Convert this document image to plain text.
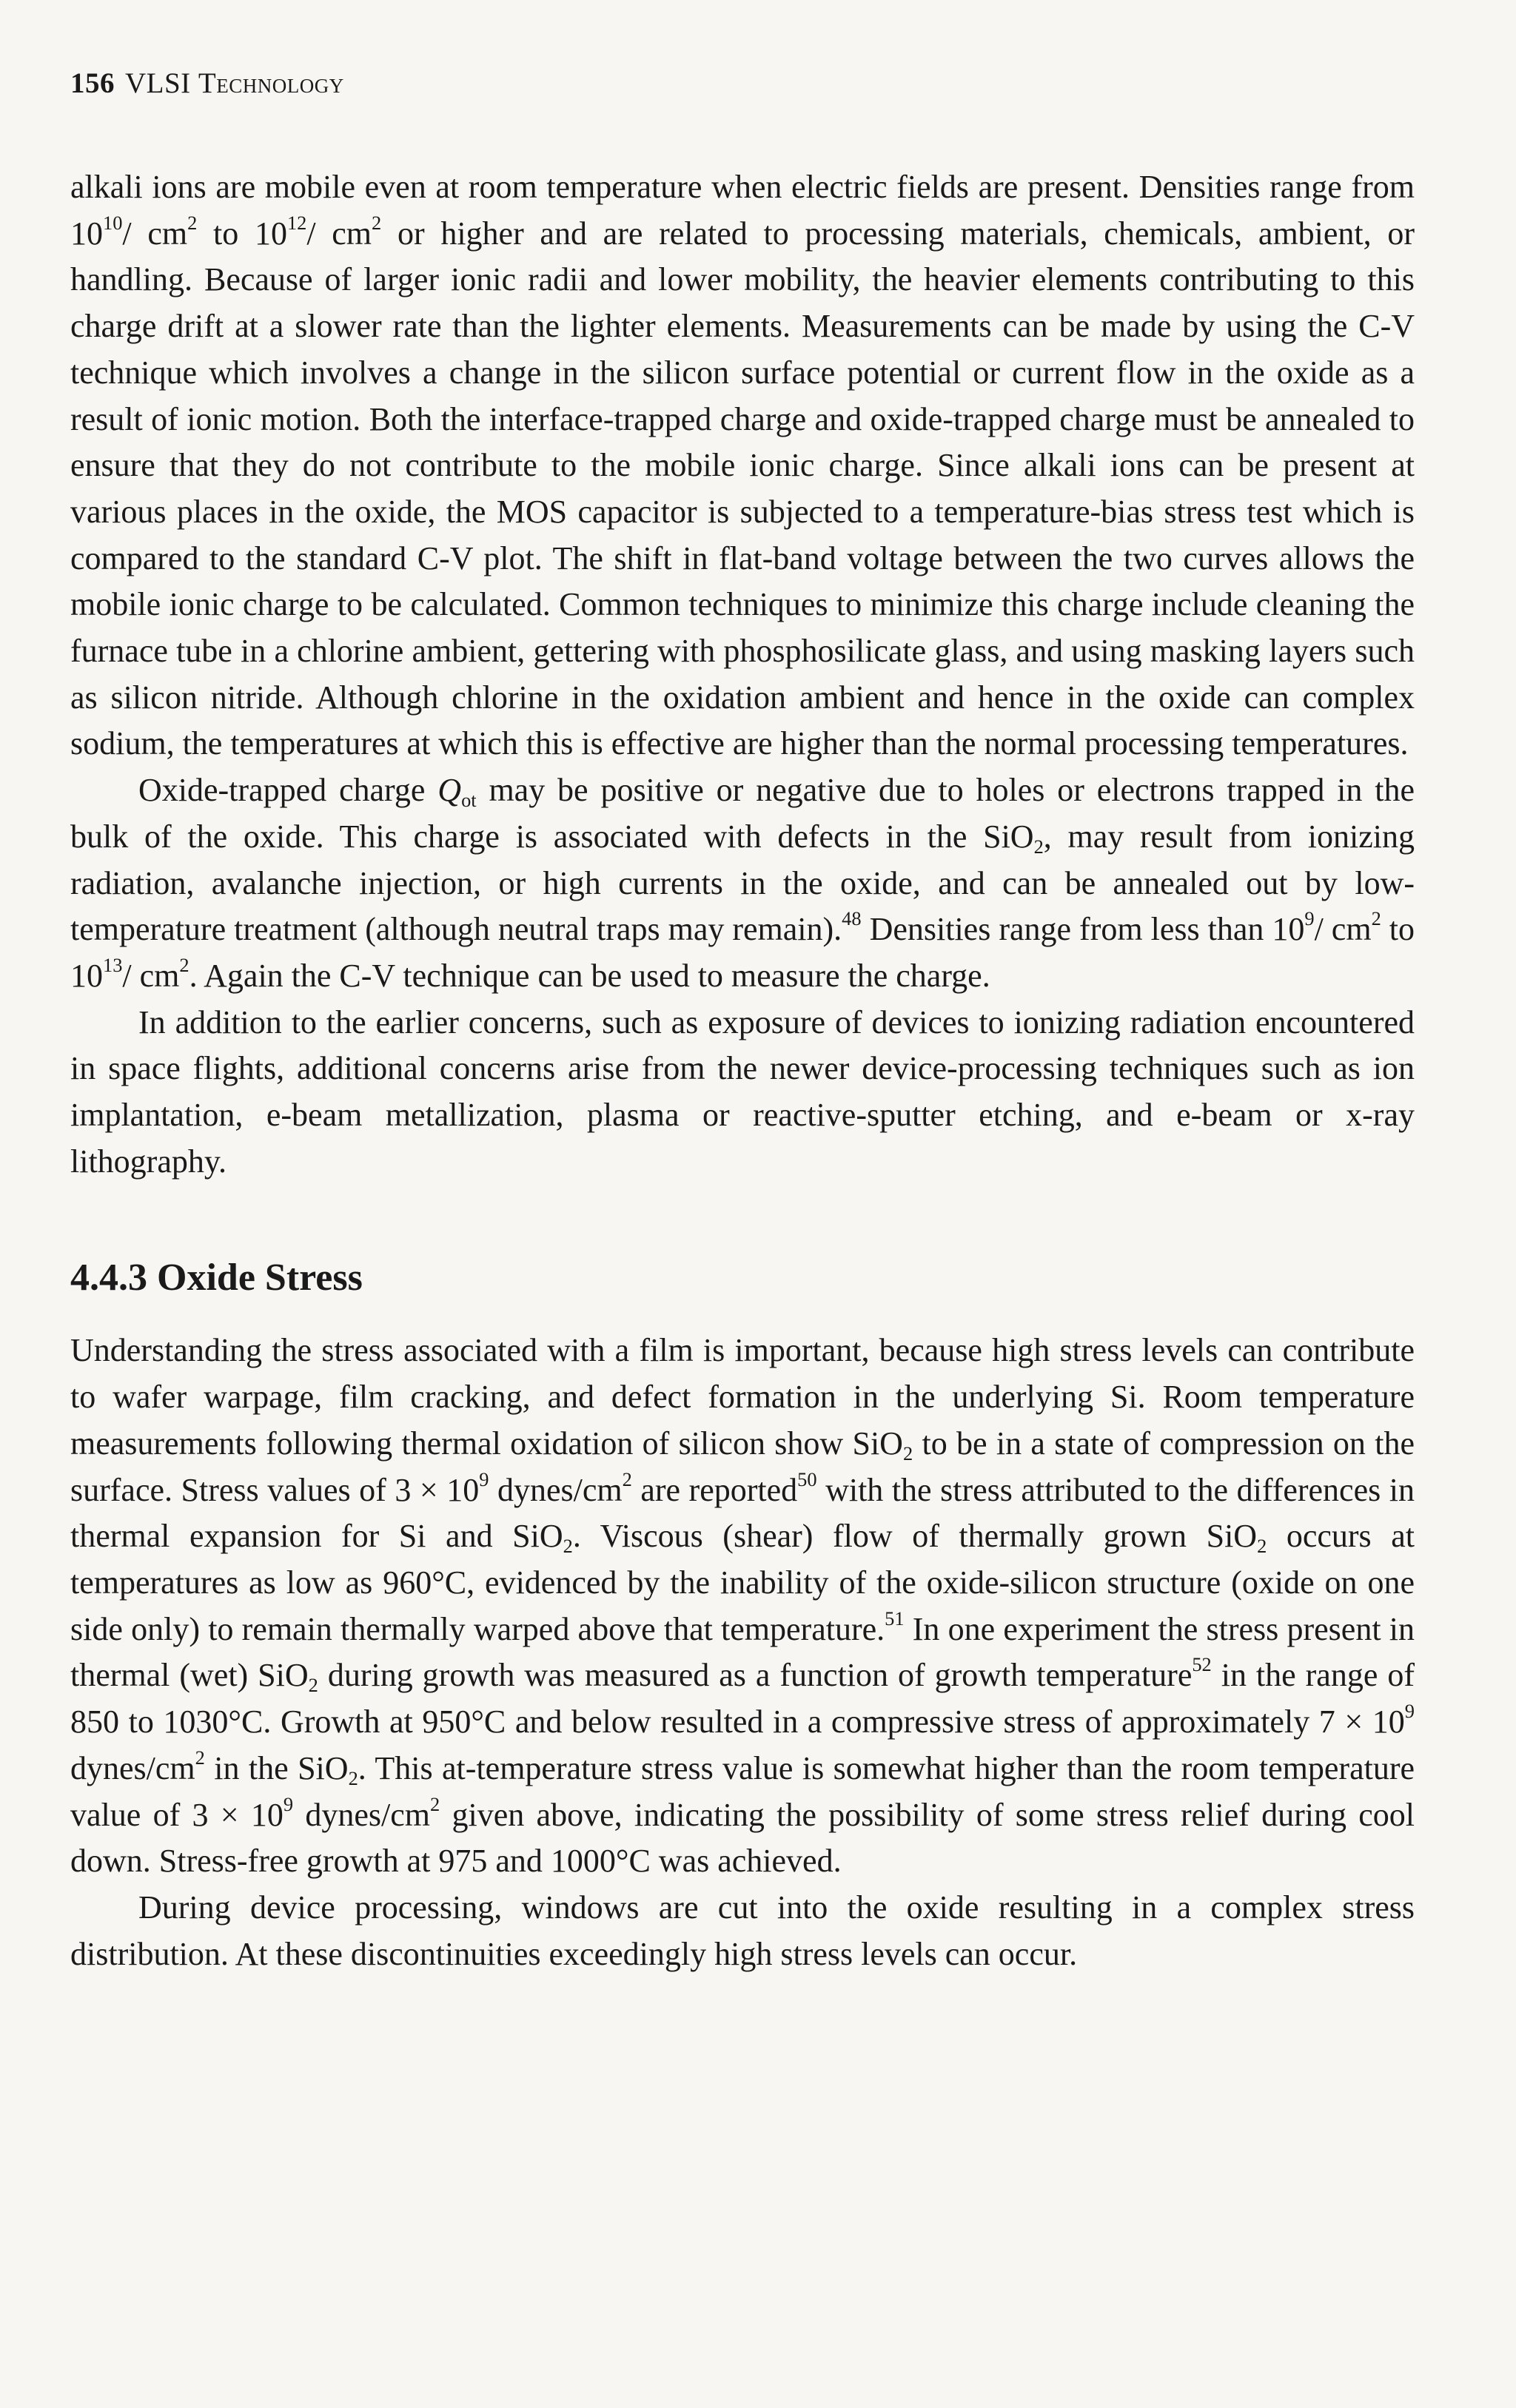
156 VLSI Technology

alkali ions are mobile even at room temperature when electric fields are present. Densities range from $10^{10}/$ $cm^2$ to $10^{12}/$ $cm^2$ or higher and are related to processing materials, chemicals, ambient, or handling. Because of larger ionic radii and lower mobility, the heavier elements contributing to this charge drift at a slower rate than the lighter elements. Measurements can be made by using the C-V technique which involves a change in the silicon surface potential or current flow in the oxide as a result of ionic motion. Both the interface-trapped charge and oxide-trapped charge must be annealed to ensure that they do not contribute to the mobile ionic charge. Since alkali ions can be present at various places in the oxide, the MOS capacitor is subjected to a temperature-bias stress test which is compared to the standard C-V plot. The shift in flat-band voltage between the two curves allows the mobile ionic charge to be calculated. Common techniques to minimize this charge include cleaning the furnace tube in a chlorine ambient, gettering with phosphosilicate glass, and using masking layers such as silicon nitride. Although chlorine in the oxidation ambient and hence in the oxide can complex sodium, the temperatures at which this is effective are higher than the normal processing temperatures.

Oxide-trapped charge $Q_{ot}$ may be positive or negative due to holes or electrons trapped in the bulk of the oxide. This charge is associated with defects in the SiO$_2$, may result from ionizing radiation, avalanche injection, or high currents in the oxide, and can be annealed out by low-temperature treatment (although neutral traps may remain).$^{48}$ Densities range from less than $10^9/$ $cm^2$ to $10^{13}/$ $cm^2$. Again the C-V technique can be used to measure the charge.

In addition to the earlier concerns, such as exposure of devices to ionizing radiation encountered in space flights, additional concerns arise from the newer device-processing techniques such as ion implantation, e-beam metallization, plasma or reactive-sputter etching, and e-beam or x-ray lithography.

4.4.3 Oxide Stress

Understanding the stress associated with a film is important, because high stress levels can contribute to wafer warpage, film cracking, and defect formation in the underlying Si. Room temperature measurements following thermal oxidation of silicon show SiO$_2$ to be in a state of compression on the surface. Stress values of $3 \times 10^9$ dynes/$cm^2$ are reported$^{50}$ with the stress attributed to the differences in thermal expansion for Si and SiO$_2$. Viscous (shear) flow of thermally grown SiO$_2$ occurs at temperatures as low as 960°C, evidenced by the inability of the oxide-silicon structure (oxide on one side only) to remain thermally warped above that temperature.$^{51}$ In one experiment the stress present in thermal (wet) SiO$_2$ during growth was measured as a function of growth temperature$^{52}$ in the range of 850 to 1030°C. Growth at 950°C and below resulted in a compressive stress of approximately $7 \times 10^9$ dynes/$cm^2$ in the SiO$_2$. This at-temperature stress value is somewhat higher than the room temperature value of $3 \times 10^9$ dynes/$cm^2$ given above, indicating the possibility of some stress relief during cool down. Stress-free growth at 975 and 1000°C was achieved.

During device processing, windows are cut into the oxide resulting in a complex stress distribution. At these discontinuities exceedingly high stress levels can occur.
